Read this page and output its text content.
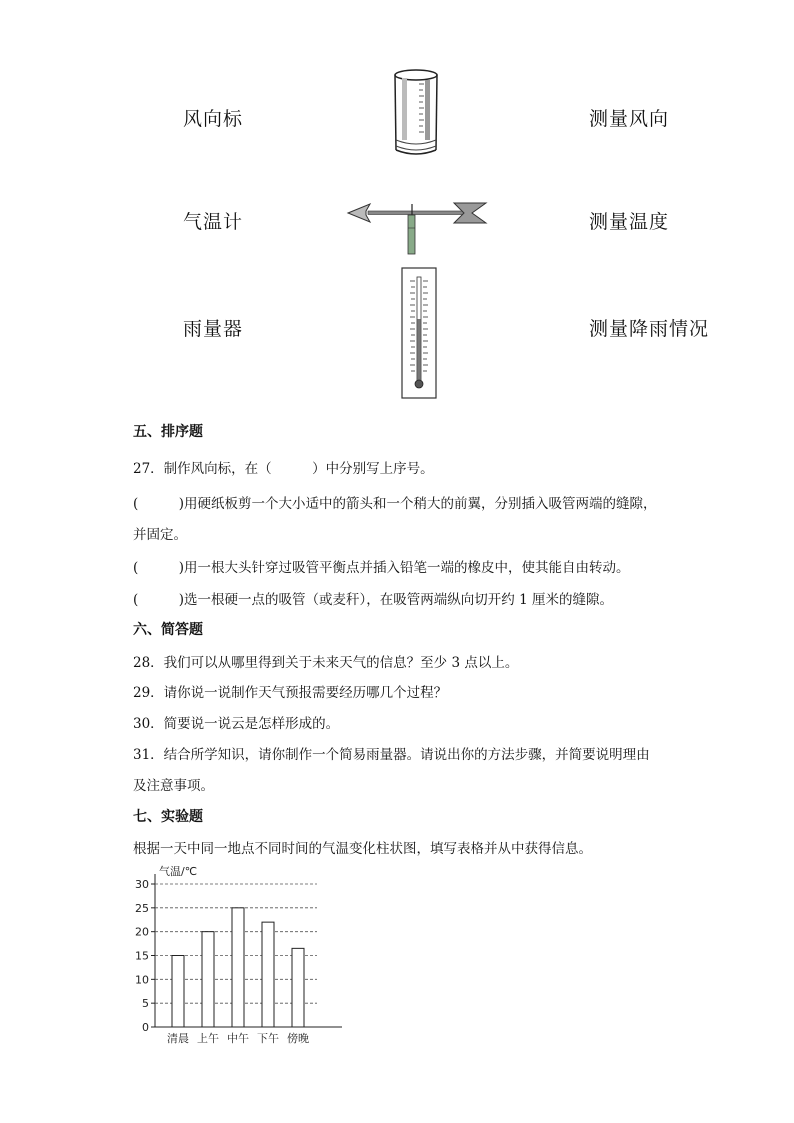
风向标
气温计
雨量器
测量风向
测量温度
测量降雨情况
五、排序题
27．制作风向标，在（　　　）中分别写上序号。
(　　　)用硬纸板剪一个大小适中的箭头和一个稍大的前翼，分别插入吸管两端的缝隙，
并固定。
(　　　)用一根大头针穿过吸管平衡点并插入铅笔一端的橡皮中，使其能自由转动。
(　　　)选一根硬一点的吸管（或麦秆），在吸管两端纵向切开约 1 厘米的缝隙。
六、简答题
28．我们可以从哪里得到关于未来天气的信息？至少 3 点以上。
29．请你说一说制作天气预报需要经历哪几个过程？
30．简要说一说云是怎样形成的。
31．结合所学知识，请你制作一个简易雨量器。请说出你的方法步骤，并简要说明理由
及注意事项。
七、实验题
根据一天中同一地点不同时间的气温变化柱状图，填写表格并从中获得信息。
气温/℃
0
5
10
15
20
25
30
清晨 上午 中午 下午 傍晚
